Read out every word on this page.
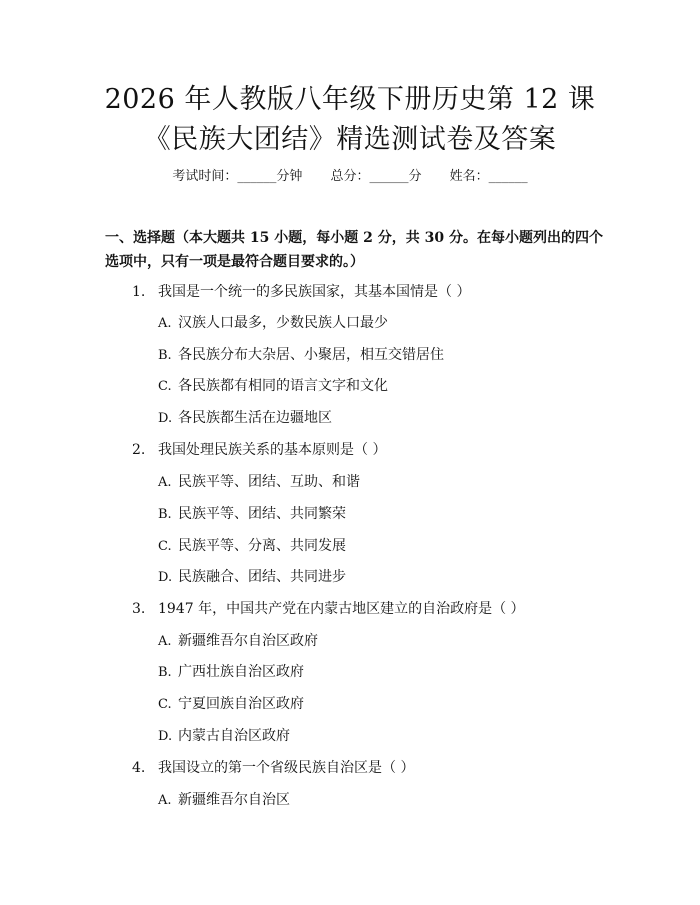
2026 年人教版八年级下册历史第 12 课《民族大团结》精选测试卷及答案
考试时间：______分钟 总分：______分 姓名：______
一、选择题（本大题共 15 小题，每小题 2 分，共 30 分。在每小题列出的四个选项中，只有一项是最符合题目要求的。）
1. 我国是一个统一的多民族国家，其基本国情是（ ）
A. 汉族人口最多，少数民族人口最少
B. 各民族分布大杂居、小聚居，相互交错居住
C. 各民族都有相同的语言文字和文化
D. 各民族都生活在边疆地区
2. 我国处理民族关系的基本原则是（ ）
A. 民族平等、团结、互助、和谐
B. 民族平等、团结、共同繁荣
C. 民族平等、分离、共同发展
D. 民族融合、团结、共同进步
3. 1947 年，中国共产党在内蒙古地区建立的自治政府是（ ）
A. 新疆维吾尔自治区政府
B. 广西壮族自治区政府
C. 宁夏回族自治区政府
D. 内蒙古自治区政府
4. 我国设立的第一个省级民族自治区是（ ）
A. 新疆维吾尔自治区
